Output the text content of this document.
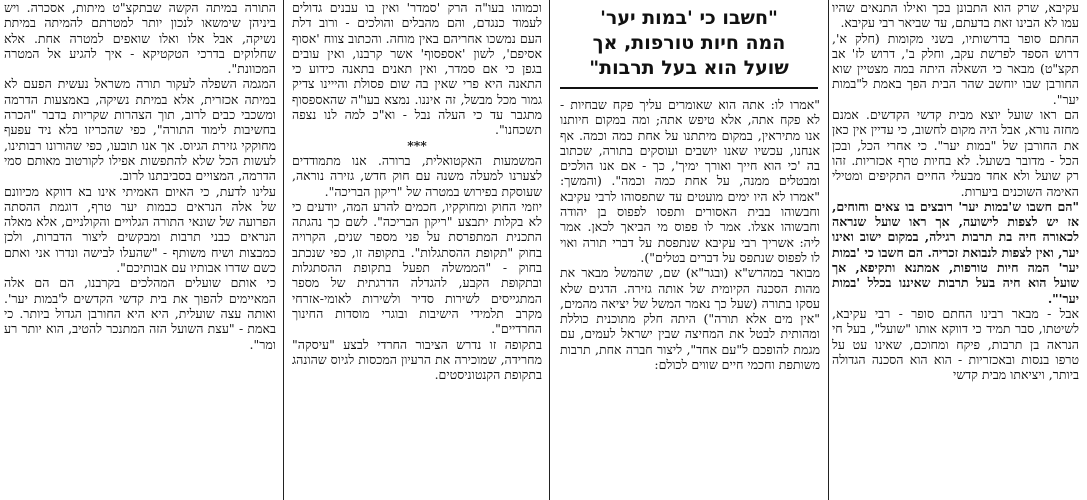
עקיבא, שרק הוא התבונן בכך ואילו התנאים שהיו עמו לא הבינו זאת בדעתם, עד שביאר רבי עקיבא.

החתם סופר בדרשותיו, בשני מקומות (חלק א', דרוש הספד לפרשת עקב, וחלק ב', דרוש לז' אב תקצ"ט) מבאר כי השאלה היתה במה מצטיין שוא החורבן שבו יוחשב שהר הבית הפך באמת ל"במות יער".

הם ראו שועל יוצא מבית קדשי הקדשים. אמנם מחזה נורא, אבל היה מקום לחשוב, כי עדיין אין כאן את החורבן של "במות יער". כי אחרי הכל, ובכן הכל - מדובר בשועל. לא בחיות טרף אכזריות. זהו רק שועל ולא אחד מבעלי החיים התקיפים ומטילי האימה השוכנים ביערות.

"הם חשבו ש'במות יער' רובצים בו צאים וחוחים, אז יש לצפות לישועה, אך ראו שועל שנראה לכאורה חיה בת תרבות רגילה, במקום ישוב ואינו יער, ואין לצפות לנבואת זכריה. הם חשבו כי 'במות יער' המה חיות טורפות, אמתנא ותקיפא, אך שועל הוא חיה בעל תרבות שאיננו בכלל 'במות יער'".

אבל - מבאר רבינו החתם סופר - רבי עקיבא, לשיטתו, סבר תמיד כי דווקא אותו "שועל", בעל חי הנראה בן תרבות, פיקח ומחוכם, שאינו עט על טרפו בנסות ובאכזריות - הוא הוא הסכנה הגדולה ביותר, ויציאתו מבית קדשי

"חשבו כי 'במות יער'
המה חיות טורפות, אך
שועל הוא בעל תרבות"

"אמרו לו: אתה הוא שאומרים עליך פקח שבחיות - לא פקח אתה, אלא טיפש אתה; ומה במקום חיותנו אנו מתיראין, במקום מיתתנו על אחת כמה וכמה. אף אנחנו, עכשיו שאנו יושבים ועוסקים בתורה, שכתוב בה 'כי הוא חייך ואורך ימיך', כך - אם אנו הולכים ומבטלים ממנה, על אחת כמה וכמה". (והמשך: "אמרו לא היו ימים מועטים עד שתפסוהו לרבי עקיבא וחבשוהו בבית האסורים ותפסו לפפוס בן יהודה וחבשוהו אצלו. אמר לו פפוס מי הביאך לכאן. אמר ליה: אשריך רבי עקיבא שנתפסת על דברי תורה ואוי לו לפפוס שנתפס על דברים בטלים").

מבואר במהרש"א (ובגר"א) שם, שהמשל מבאר את מהות הסכנה הקיומית של אותה גזירה. הדגים שלא עסקו בתורה (שעל כך נאמר המשל של יציאה מהמים, "אין מים אלא תורה") היתה חלק מתוכנית כוללת ומהותית לבטל את המחיצה שבין ישראל לעמים, עם מגמת להופכם ל"עם אחד", ליצור חברה אחת, תרבות משותפת וחכמי חיים שווים לכולם:

וכמוהו בעו"ה הרק 'סמדר' ואין בו עבנים גדולים לעמוד כנגדם, והם מהבלים והולכים - ורוב דלת העם נמשכו אחריהם באין מוחה. והכתוב צווח 'אסוף אסיפם', לשון 'אספסוף' אשר קרבנו, ואין עובים בגפן כי אם סמדר, ואין תאנים בתאנה כידוע כי התאנה היא פרי שאין בה שום פסולת והייינו צדיק גמור מכל מבשל, זה איננו. נמצא בעו"ה שהאספסוף מתגבר עד כי העלה נבל - וא"כ למה לנו נצפה תשכחנו".

***

המשמעות האקטואלית, ברורה. אנו מתמודדים לצערנו למעלה משנה עם חוק חדש, גזירה נוראה, שעוסקת בפירוש במטרה של "ריקון הבריכה".

יוזמי החוק ומחוקקיו, חכמים להרע המה, יודעים כי לא בקלות יתבצע "ריקון הבריכה". לשם כך נהגתה התכנית המתפרסת על פני מספר שנים, הקרויה בחוק "תקופת ההסתגלות". בתקופה זו, כפי שנכתב בחוק - "הממשלה תפעל בתקופת ההסתגלות ובתקופת הקבע, להגדלה הדרגתית של מספר המתגייסים לשירות סדיר ולשירות לאומי-אזרחי מקרב תלמידי הישיבות ובוגרי מוסדות החינוך החרדיים".

בתקופה זו נדרש הציבור החרדי לבצע "עיסקה" מחרידה, שמוכירה את הרעיון המכסות לגיוס שהונהג בתקופת הקנטוניסטים.

התורה במיתה הקשה שבתקצ"ט מיתות, אסכרה. ויש ביניהן שימשאו לנכון יותר למטרתם להמיתה במיתת נשיקה, אבל אלו ואלו שואפים למטרה אחת. אלא שחלוקים בדרכי הטקטיקא - איך להגיע אל המטרה המכוונת".

המגמה השפלה לעקור תורה משראל נעשית הפעם לא במיתה אכזרית, אלא במיתת נשיקה, באמצעות הדרמה ומשכבי כבים לרוב, תוך הצהרות שקריות בדבר "הכרה בחשיבות לימוד התורה", כפי שהכריזו בלא ניד עפעף מחוקקי גזירת הגיוס. אך אנו תובעו, כפי שהורונו רבותינו, לעשות הכל שלא להתפשות אפילו לקורטוב מאותם סמי הדרמה, המצויים בסביבתנו לרוב.

עלינו לדעת, כי האיום האמיתי אינו בא דווקא מכיוונם של אלה הנראים כבמות יער טרף, דוגמת ההסתה הפרועה של שונאי התורה הגלויים והקולניים, אלא מאלה הנראים כבני תרבות ומבקשים ליצור הדברות, ולכן כמבצות ושיח משותף - "שהעלו לבישה ונדרו אני ואתם כשם שדרו אבותיו עם אבותיכם".

כי אותם שועלים המהלכים בקרבנו, הם הם אלה המאיימים להפוך את בית קדשי הקדשים ל'במות יער'. ואותה עצה שועלית, היא היא החורבן הגדול ביותר. כי באמת - "עצת השועל הזה המתנכר להטיב, הוא יותר רע ומר".
